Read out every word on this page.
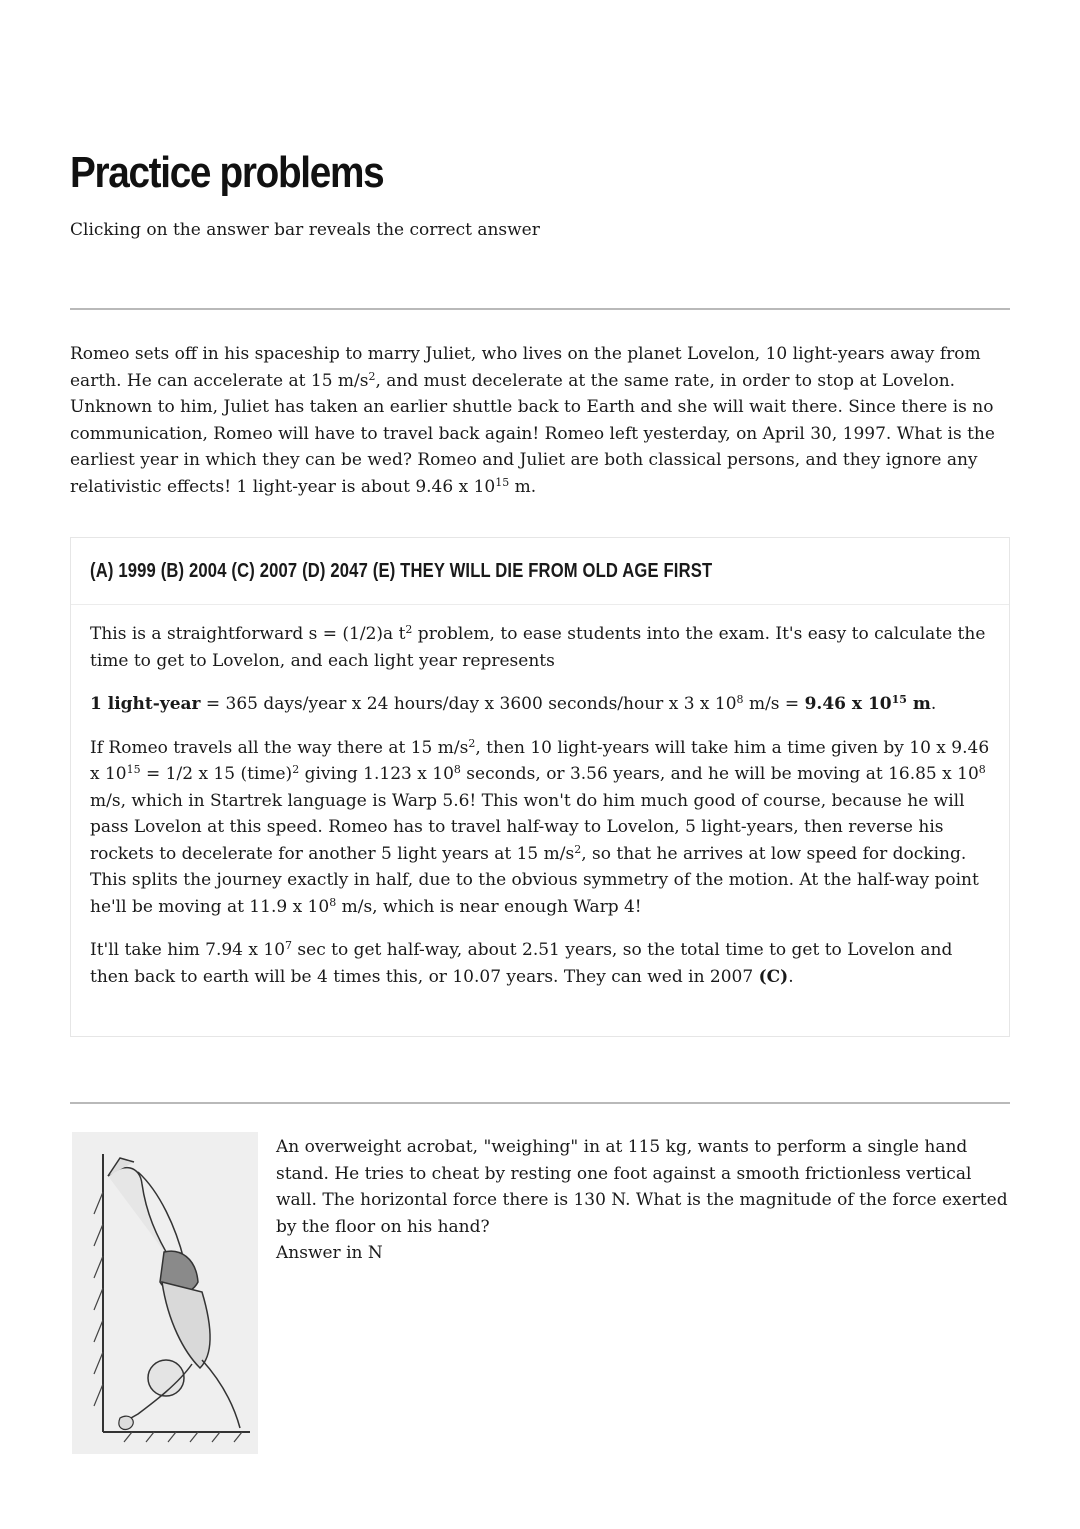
Practice problems

Clicking on the answer bar reveals the correct answer

Romeo sets off in his spaceship to marry Juliet, who lives on the planet Lovelon, 10 light-years away from earth. He can accelerate at 15 $m/s^2$, and must decelerate at the same rate, in order to stop at Lovelon. Unknown to him, Juliet has taken an earlier shuttle back to Earth and she will wait there. Since there is no communication, Romeo will have to travel back again! Romeo left yesterday, on April 30, 1997. What is the earliest year in which they can be wed? Romeo and Juliet are both classical persons, and they ignore any relativistic effects! 1 light-year is about 9.46 x $10^{15}$ m.

(A) 1999 (B) 2004 (C) 2007 (D) 2047 (E) THEY WILL DIE FROM OLD AGE FIRST

This is a straightforward s = (1/2)a $t^2$ problem, to ease students into the exam. It's easy to calculate the time to get to Lovelon, and each light year represents

1 light-year = 365 days/year x 24 hours/day x 3600 seconds/hour x 3 x $10^8$ m/s = 9.46 x $10^{15}$ m.

If Romeo travels all the way there at 15 $m/s^2$, then 10 light-years will take him a time given by 10 x 9.46 x $10^{15} = 1/2$ x 15 (time)$^2$ giving 1.123 x $10^8$ seconds, or 3.56 years, and he will be moving at 16.85 x $10^8$ m/s, which in Startrek language is Warp 5.6! This won't do him much good of course, because he will pass Lovelon at this speed. Romeo has to travel half-way to Lovelon, 5 light-years, then reverse his rockets to decelerate for another 5 light years at 15 $m/s^2$, so that he arrives at low speed for docking. This splits the journey exactly in half, due to the obvious symmetry of the motion. At the half-way point he'll be moving at 11.9 x $10^8$ m/s, which is near enough Warp 4!

It'll take him 7.94 x $10^7$ sec to get half-way, about 2.51 years, so the total time to get to Lovelon and then back to earth will be 4 times this, or 10.07 years. They can wed in 2007 (C).

An overweight acrobat, "weighing" in at 115 kg, wants to perform a single hand stand. He tries to cheat by resting one foot against a smooth frictionless vertical wall. The horizontal force there is 130 N. What is the magnitude of the force exerted by the floor on his hand?
Answer in N
